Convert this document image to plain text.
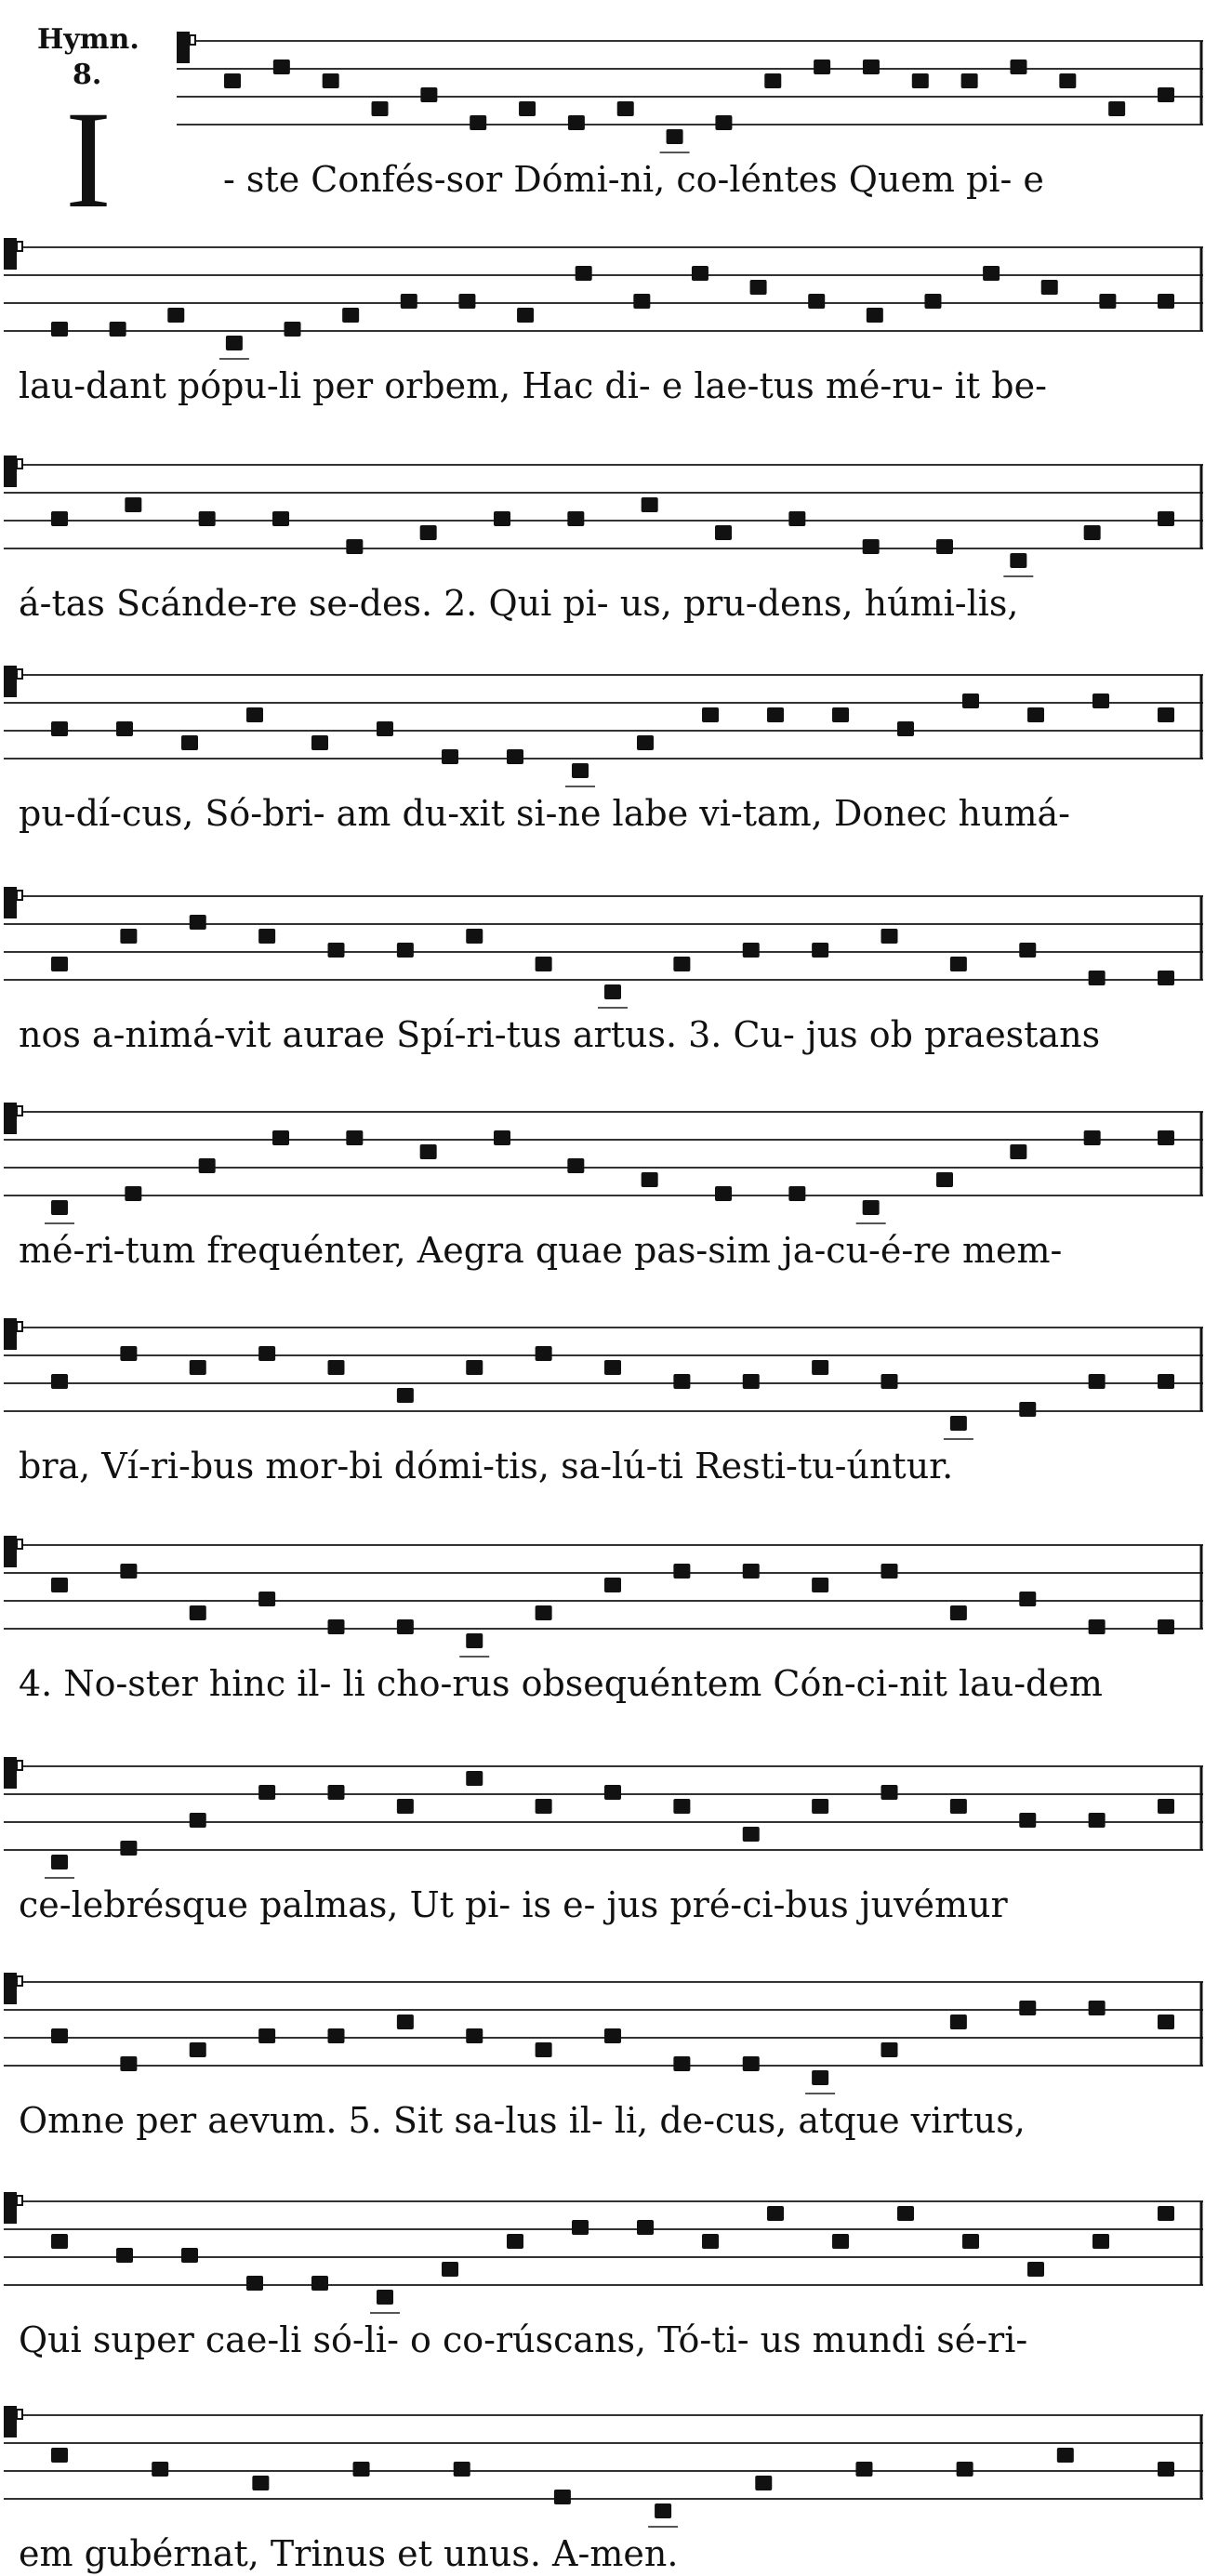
Hymn.
8.
I	- ste Confés-sor Dómi-ni, co-léntes Quem pi- e
lau-dant pópu-li per orbem, Hac di- e lae-tus mé-ru- it be-
á-tas Scánde-re se-des. 2. Qui pi- us, pru-dens, húmi-lis,
pu-dí-cus, Só-bri- am du-xit si-ne labe vi-tam, Donec humá-
nos a-nimá-vit aurae Spí-ri-tus artus. 3. Cu- jus ob praestans
mé-ri-tum frequénter, Aegra quae pas-sim ja-cu-é-re mem-
bra, Ví-ri-bus mor-bi dómi-tis, sa-lú-ti Resti-tu-úntur.
4. No-ster hinc il- li cho-rus obsequéntem Cón-ci-nit lau-dem
ce-lebrésque palmas, Ut pi- is e- jus pré-ci-bus juvémur
Omne per aevum. 5. Sit sa-lus il- li, de-cus, atque virtus,
Qui super cae-li só-li- o co-rúscans, Tó-ti- us mundi sé-ri-
em gubérnat, Trinus et unus. A-men.
